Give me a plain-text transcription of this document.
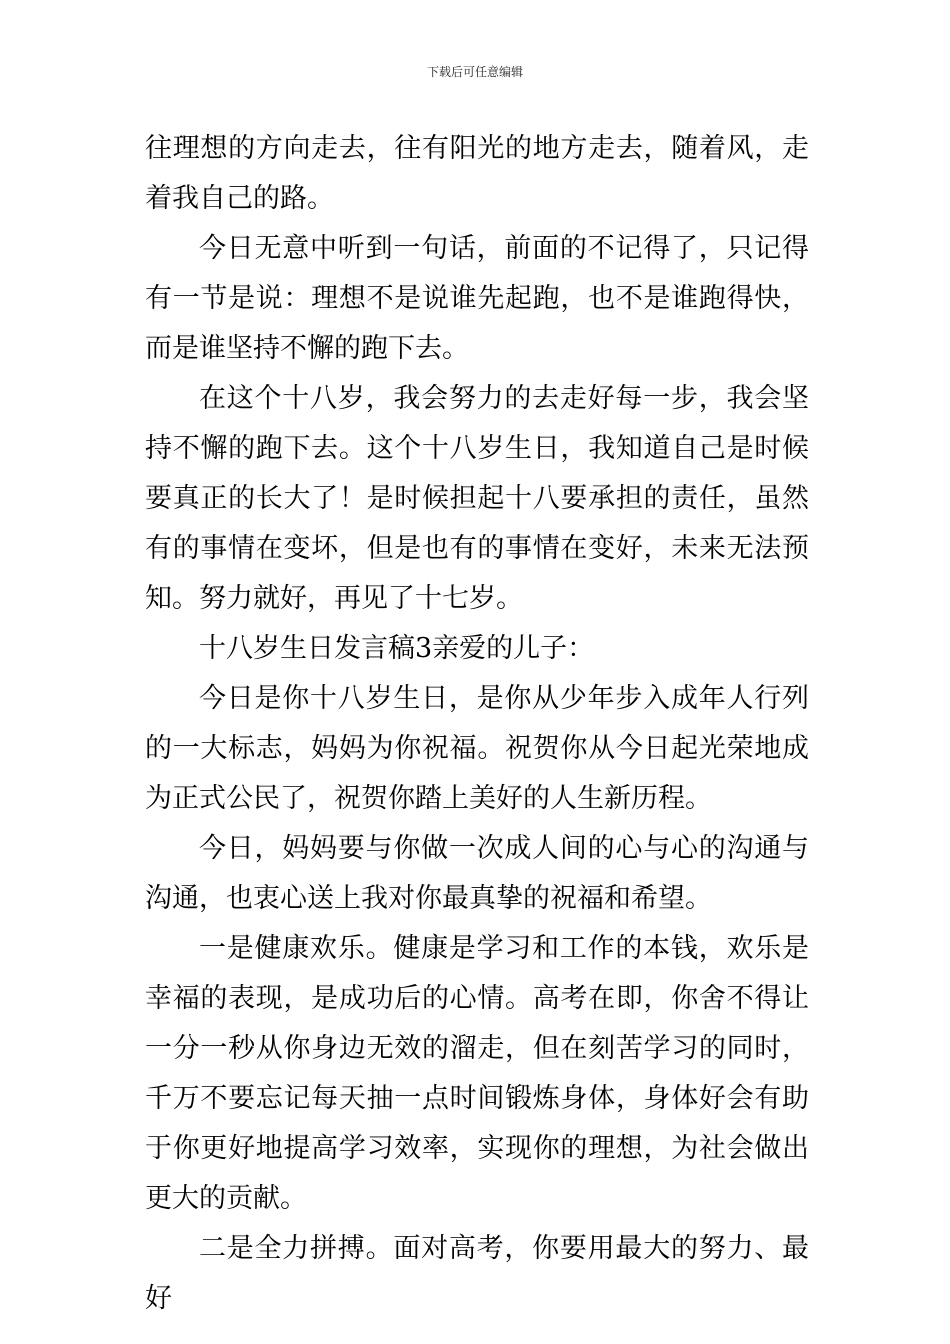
下载后可任意编辑

往理想的方向走去，往有阳光的地方走去，随着风，走着我自己的路。

今日无意中听到一句话，前面的不记得了，只记得有一节是说：理想不是说谁先起跑，也不是谁跑得快，而是谁坚持不懈的跑下去。

在这个十八岁，我会努力的去走好每一步，我会坚持不懈的跑下去。这个十八岁生日，我知道自己是时候要真正的长大了！是时候担起十八要承担的责任，虽然有的事情在变坏，但是也有的事情在变好，未来无法预知。努力就好，再见了十七岁。

十八岁生日发言稿3亲爱的儿子：

今日是你十八岁生日，是你从少年步入成年人行列的一大标志，妈妈为你祝福。祝贺你从今日起光荣地成为正式公民了，祝贺你踏上美好的人生新历程。

今日，妈妈要与你做一次成人间的心与心的沟通与沟通，也衷心送上我对你最真挚的祝福和希望。

一是健康欢乐。健康是学习和工作的本钱，欢乐是幸福的表现，是成功后的心情。高考在即，你舍不得让一分一秒从你身边无效的溜走，但在刻苦学习的同时，千万不要忘记每天抽一点时间锻炼身体，身体好会有助于你更好地提高学习效率，实现你的理想，为社会做出更大的贡献。

二是全力拼搏。面对高考，你要用最大的努力、最好
